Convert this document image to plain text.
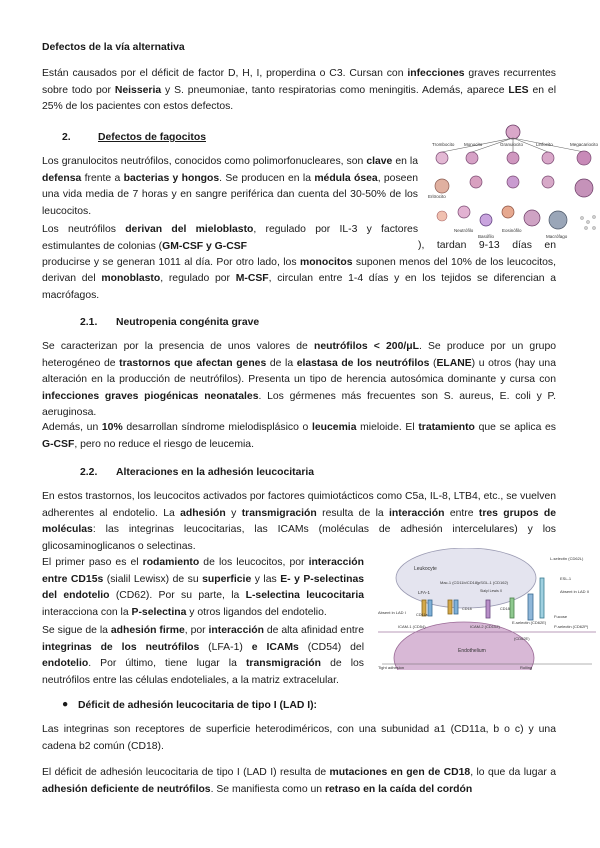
Defectos de la vía alternativa

Están causados por el déficit de factor D, H, I, properdina o C3. Cursan con infecciones graves recurrentes sobre todo por Neisseria y S. pneumoniae, tanto respiratorias como meningitis. Además, aparece LES en el 25% de los pacientes con estos defectos.

2.	Defectos de fagocitos

Los granulocitos neutrófilos, conocidos como polimorfonucleares, son clave en la defensa frente a bacterias y hongos. Se producen en la médula ósea, poseen una vida media de 7 horas y en sangre periférica dan cuenta del 30-50% de los leucocitos.

Trombocito Monocito	Granulocito	Linfocito	Megacariocito
Eritrocito
Neutrófilo
Basófilo
Eosinófilo
Macrófago

Los neutrófilos derivan del mieloblasto, regulado por IL-3 y factores estimulantes de colonias (GM-CSF y G-CSF	), tardan 9-13 días en producirse y se generan 1011 al día. Por otro lado, los monocitos suponen menos del 10% de los leucocitos, derivan del monoblasto, regulado por M-CSF, circulan entre 1-4 días y en los tejidos se diferencian a macrófagos.

2.1. Neutropenia congénita grave

Se caracterizan por la presencia de unos valores de neutrófilos < 200/μL. Se produce por un grupo heterogéneo de trastornos que afectan genes de la elastasa de los neutrófilos (ELANE) u otros (hay una alteración en la producción de neutrófilos). Presenta un tipo de herencia autosómica dominante y cursa con infecciones graves piogénicas neonatales. Los gérmenes más frecuentes son S. aureus, E. coli y P. aeruginosa.

Además, un 10% desarrollan síndrome mielodisplásico o leucemia mieloide. El tratamiento que se aplica es G-CSF, pero no reduce el riesgo de leucemia.

2.2. Alteraciones en la adhesión leucocitaria

En estos trastornos, los leucocitos activados por factores quimiotácticos como C5a, IL-8, LTB4, etc., se vuelven adherentes al endotelio. La adhesión y transmigración resulta de la interacción entre tres grupos de moléculas: las integrinas leucocitarias, las ICAMs (moléculas de adhesión intercelulares) y los glicosaminoglicanos o selectinas.

El primer paso es el rodamiento de los leucocitos, por interacción entre CD15s (sialil Lewisx) de su superficie y las E- y P-selectinas del endotelio (CD62). Por su parte, la L-selectina leucocitaria interacciona con la P-selectina y otros ligandos del endotelio.

Se sigue de la adhesión firme, por interacción de alta afinidad entre integrinas de los neutrófilos (LFA-1) e ICAMs (CD54) del endotelio. Por último, tiene lugar la transmigración de los neutrófilos entre las células endoteliales, a la matriz extracelular.

Leukocyte
Mac-1 (CD11b/CD18) pSGL-1 (CD162)
LFA-1
L-selectin (CD62L)
ESL-1
Absent in LAD II
Absent in LAD I	CD11a
CD18	CD18
Sialyl Lewis X
ICAM-1 (CD54)	ICAM-2 (CD102)
E-selectin (CD62E)
P-selectin (CD62P)
Fucose
(CD62E)
Endothelium
Tight adhesion	Rolling
● Déficit de adhesión leucocitaria de tipo I (LAD I):

Las integrinas son receptores de superficie heterodiméricos, con una subunidad a1 (CD11a, b o c) y una cadena b2 común (CD18).

El déficit de adhesión leucocitaria de tipo I (LAD I) resulta de mutaciones en gen de CD18, lo que da lugar a adhesión deficiente de neutrófilos. Se manifiesta como un retraso en la caída del cordón
